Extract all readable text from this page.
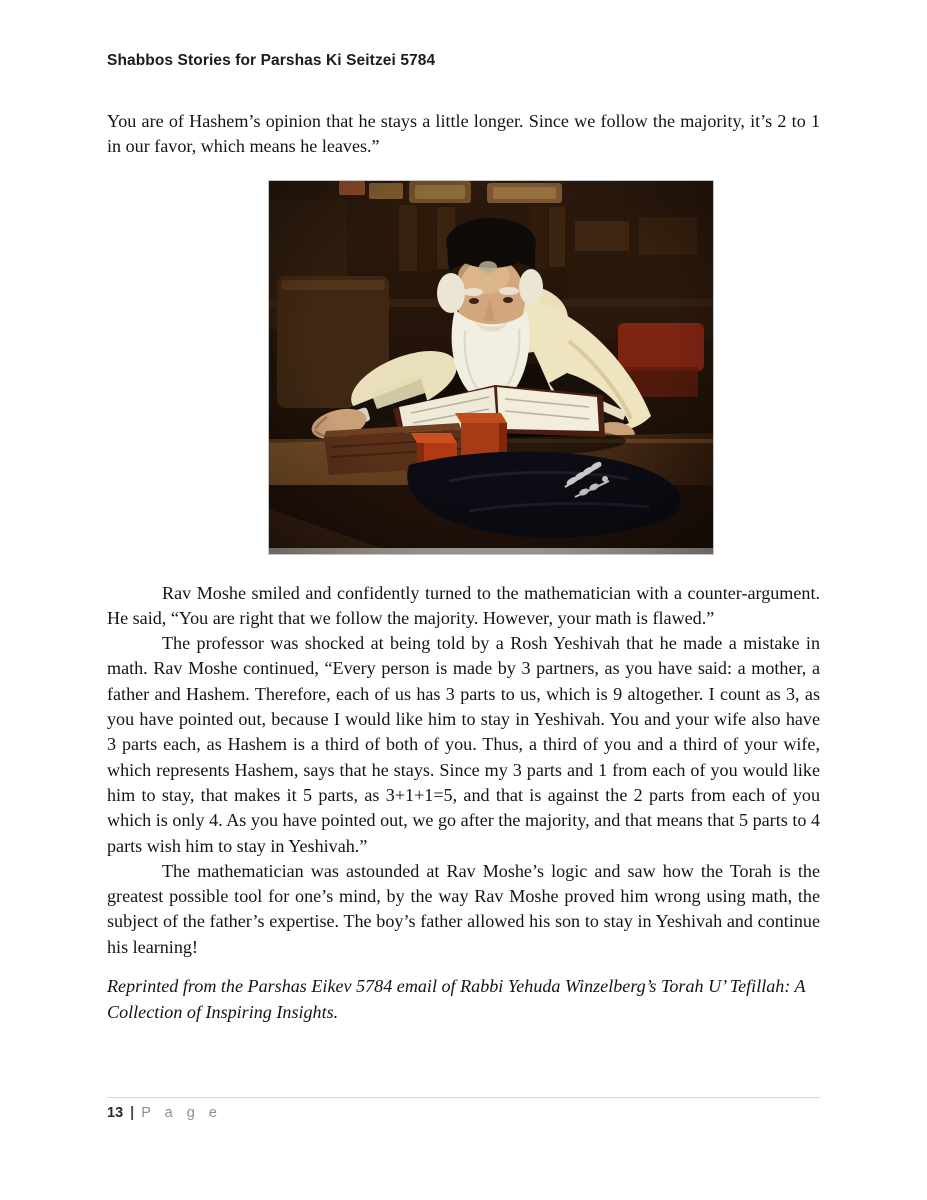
Shabbos Stories for Parshas Ki Seitzei 5784

You are of Hashem’s opinion that he stays a little longer. Since we follow the majority, it’s 2 to 1 in our favor, which means he leaves.”

Rav Moshe smiled and confidently turned to the mathematician with a counter-argument. He said, “You are right that we follow the majority. However, your math is flawed.”

The professor was shocked at being told by a Rosh Yeshivah that he made a mistake in math. Rav Moshe continued, “Every person is made by 3 partners, as you have said: a mother, a father and Hashem. Therefore, each of us has 3 parts to us, which is 9 altogether. I count as 3, as you have pointed out, because I would like him to stay in Yeshivah. You and your wife also have 3 parts each, as Hashem is a third of both of you. Thus, a third of you and a third of your wife, which represents Hashem, says that he stays. Since my 3 parts and 1 from each of you would like him to stay, that makes it 5 parts, as 3+1+1=5, and that is against the 2 parts from each of you which is only 4. As you have pointed out, we go after the majority, and that means that 5 parts to 4 parts wish him to stay in Yeshivah.”

The mathematician was astounded at Rav Moshe’s logic and saw how the Torah is the greatest possible tool for one’s mind, by the way Rav Moshe proved him wrong using math, the subject of the father’s expertise. The boy’s father allowed his son to stay in Yeshivah and continue his learning!

Reprinted from the Parshas Eikev 5784 email of Rabbi Yehuda Winzelberg’s Torah U’ Tefillah: A Collection of Inspiring Insights.

13 | P a g e
